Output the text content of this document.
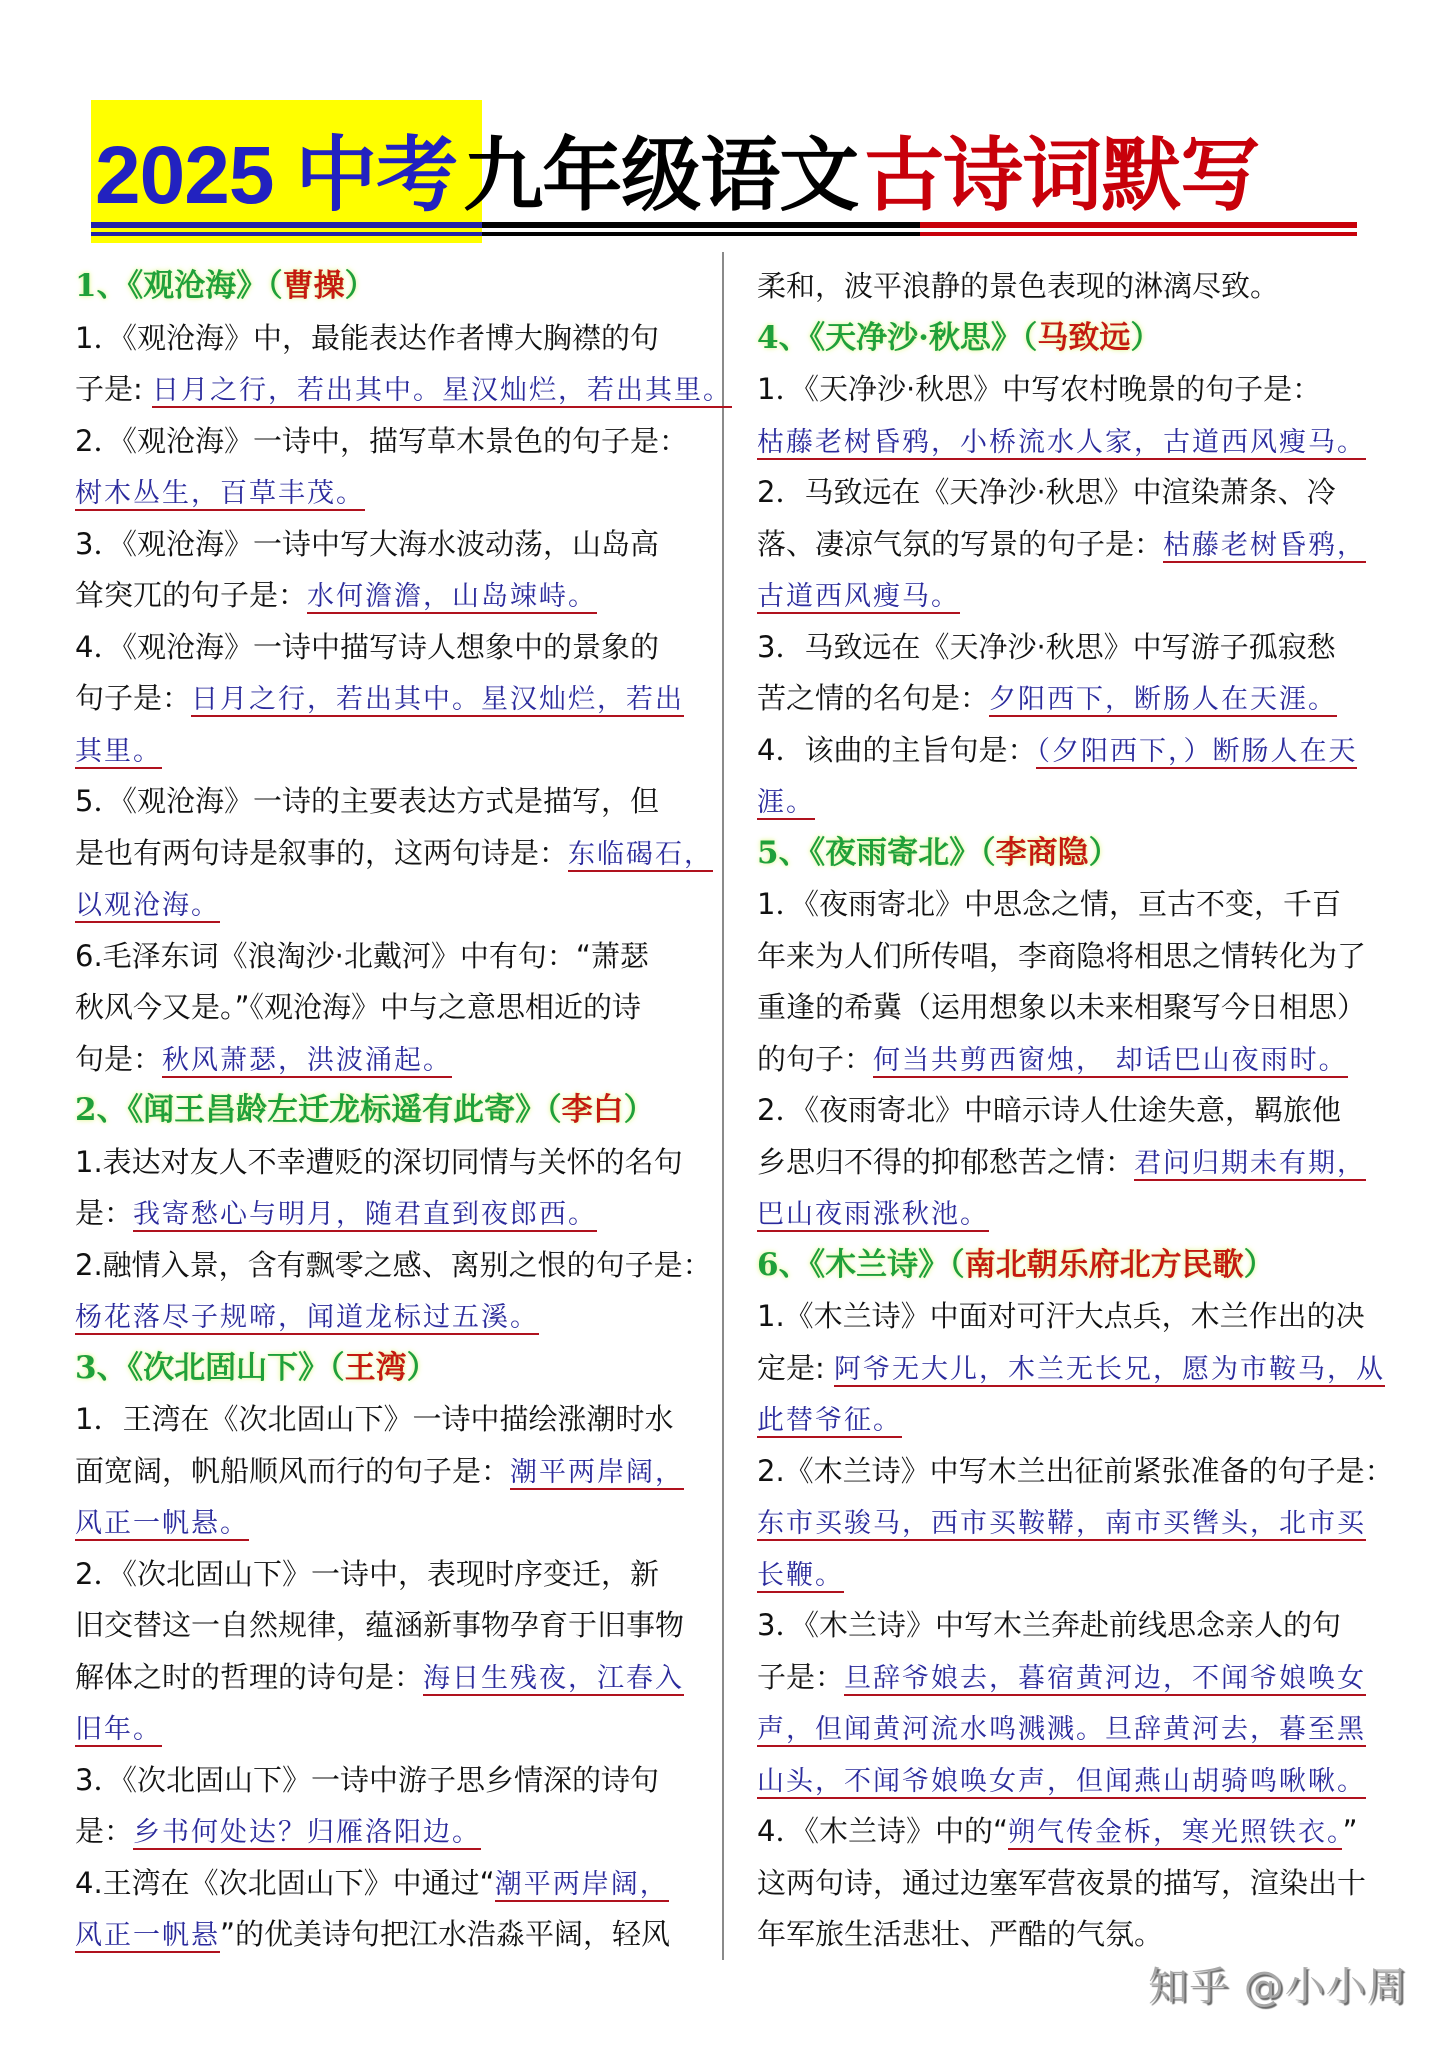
2025 中考 九年级语文 古诗词默写
1、《观沧海》（曹操）
1．《观沧海》中，最能表达作者博大胸襟的句
子是: 日月之行，若出其中。星汉灿烂，若出其里。
2．《观沧海》一诗中，描写草木景色的句子是：
树木丛生，百草丰茂。
3．《观沧海》一诗中写大海水波动荡，山岛高
耸突兀的句子是：水何澹澹，山岛竦峙。
4．《观沧海》一诗中描写诗人想象中的景象的
句子是：日月之行，若出其中。星汉灿烂，若出
其里。
5．《观沧海》一诗的主要表达方式是描写，但
是也有两句诗是叙事的，这两句诗是：东临碣石，
以观沧海。
6.毛泽东词《浪淘沙·北戴河》中有句：“萧瑟
秋风今又是。”《观沧海》中与之意思相近的诗
句是：秋风萧瑟，洪波涌起。
2、《闻王昌龄左迁龙标遥有此寄》（李白）
1.表达对友人不幸遭贬的深切同情与关怀的名句
是：我寄愁心与明月，随君直到夜郎西。
2.融情入景，含有飘零之感、离别之恨的句子是：
杨花落尽子规啼，闻道龙标过五溪。
3、《次北固山下》（王湾）
1．王湾在《次北固山下》一诗中描绘涨潮时水
面宽阔，帆船顺风而行的句子是：潮平两岸阔，
风正一帆悬。
2．《次北固山下》一诗中，表现时序变迁，新
旧交替这一自然规律，蕴涵新事物孕育于旧事物
解体之时的哲理的诗句是：海日生残夜，江春入
旧年。
3．《次北固山下》一诗中游子思乡情深的诗句
是：乡书何处达？归雁洛阳边。
4.王湾在《次北固山下》中通过“潮平两岸阔，
风正一帆悬”的优美诗句把江水浩淼平阔，轻风
柔和，波平浪静的景色表现的淋漓尽致。
4、《天净沙·秋思》（马致远）
1．《天净沙·秋思》中写农村晚景的句子是：
枯藤老树昏鸦，小桥流水人家，古道西风瘦马。
2．马致远在《天净沙·秋思》中渲染萧条、冷
落、凄凉气氛的写景的句子是：枯藤老树昏鸦，
古道西风瘦马。
3．马致远在《天净沙·秋思》中写游子孤寂愁
苦之情的名句是：夕阳西下，断肠人在天涯。
4．该曲的主旨句是：（夕阳西下，）断肠人在天
涯。
5、《夜雨寄北》（李商隐）
1．《夜雨寄北》中思念之情，亘古不变，千百
年来为人们所传唱，李商隐将相思之情转化为了
重逢的希冀（运用想象以未来相聚写今日相思）
的句子：何当共剪西窗烛， 却话巴山夜雨时。
2．《夜雨寄北》中暗示诗人仕途失意，羁旅他
乡思归不得的抑郁愁苦之情：君问归期未有期，
巴山夜雨涨秋池。
6、《木兰诗》（南北朝乐府北方民歌）
1.《木兰诗》中面对可汗大点兵，木兰作出的决
定是: 阿爷无大儿，木兰无长兄，愿为市鞍马，从
此替爷征。
2.《木兰诗》中写木兰出征前紧张准备的句子是：
东市买骏马，西市买鞍鞯，南市买辔头，北市买
长鞭。
3．《木兰诗》中写木兰奔赴前线思念亲人的句
子是：旦辞爷娘去，暮宿黄河边，不闻爷娘唤女
声，但闻黄河流水鸣溅溅。旦辞黄河去，暮至黑
山头，不闻爷娘唤女声，但闻燕山胡骑鸣啾啾。
4．《木兰诗》中的“朔气传金柝，寒光照铁衣。”
这两句诗，通过边塞军营夜景的描写，渲染出十
年军旅生活悲壮、严酷的气氛。
知乎 @小小周
